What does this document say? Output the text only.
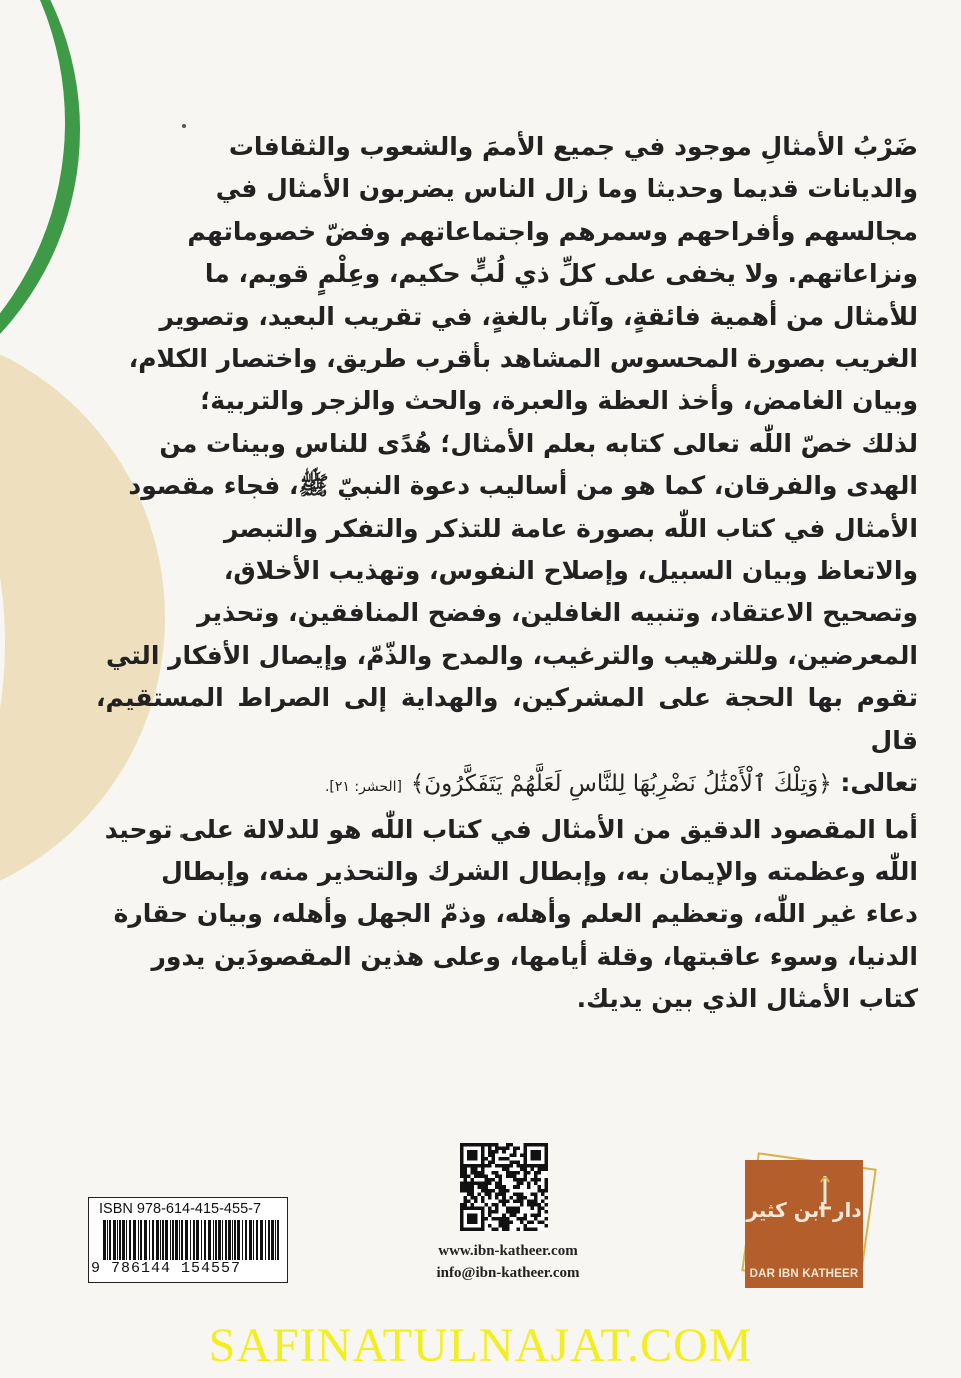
ضَرْبُ الأمثالِ موجود في جميع الأممَ والشعوب والثقافات
والديانات قديما وحديثا وما زال الناس يضربون الأمثال في
مجالسهم وأفراحهم وسمرهم واجتماعاتهم وفضّ خصوماتهم
ونزاعاتهم. ولا يخفى على كلِّ ذي لُبٍّ حكيم، وعِلْمٍ قويم، ما
للأمثال من أهمية فائقةٍ، وآثار بالغةٍ، في تقريب البعيد، وتصوير
الغريب بصورة المحسوس المشاهد بأقرب طريق، واختصار الكلام،
وبيان الغامض، وأخذ العظة والعبرة، والحث والزجر والتربية؛
لذلك خصّ اللّٰه تعالى كتابه بعلم الأمثال؛ هُدًى للناس وبينات من
الهدى والفرقان، كما هو من أساليب دعوة النبيّ ﷺ، فجاء مقصود
الأمثال في كتاب اللّٰه بصورة عامة للتذكر والتفكر والتبصر
والاتعاظ وبيان السبيل، وإصلاح النفوس، وتهذيب الأخلاق،
وتصحيح الاعتقاد، وتنبيه الغافلين، وفضح المنافقين، وتحذير
المعرضين، وللترهيب والترغيب، والمدح والذّمّ، وإيصال الأفكار التي
تقوم بها الحجة على المشركين، والهداية إلى الصراط المستقيم، قال

تعالى: ﴿وَتِلْكَ ٱلْأَمْثَٰلُ نَضْرِبُهَا لِلنَّاسِ لَعَلَّهُمْ يَتَفَكَّرُونَ﴾ [الحشر: ٢١].

أما المقصود الدقيق من الأمثال في كتاب اللّٰه هو للدلالة على توحيد
اللّٰه وعظمته والإيمان به، وإبطال الشرك والتحذير منه، وإبطال
دعاء غير اللّٰه، وتعظيم العلم وأهله، وذمّ الجهل وأهله، وبيان حقارة
الدنيا، وسوء عاقبتها، وقلة أيامها، وعلى هذين المقصودَين يدور
كتاب الأمثال الذي بين يديك.

ISBN 978-614-415-455-7
9 786144 154557
www.ibn-katheer.com
info@ibn-katheer.com
دار ابن كثير
DAR IBN KATHEER
SAFINATULNAJAT.COM
